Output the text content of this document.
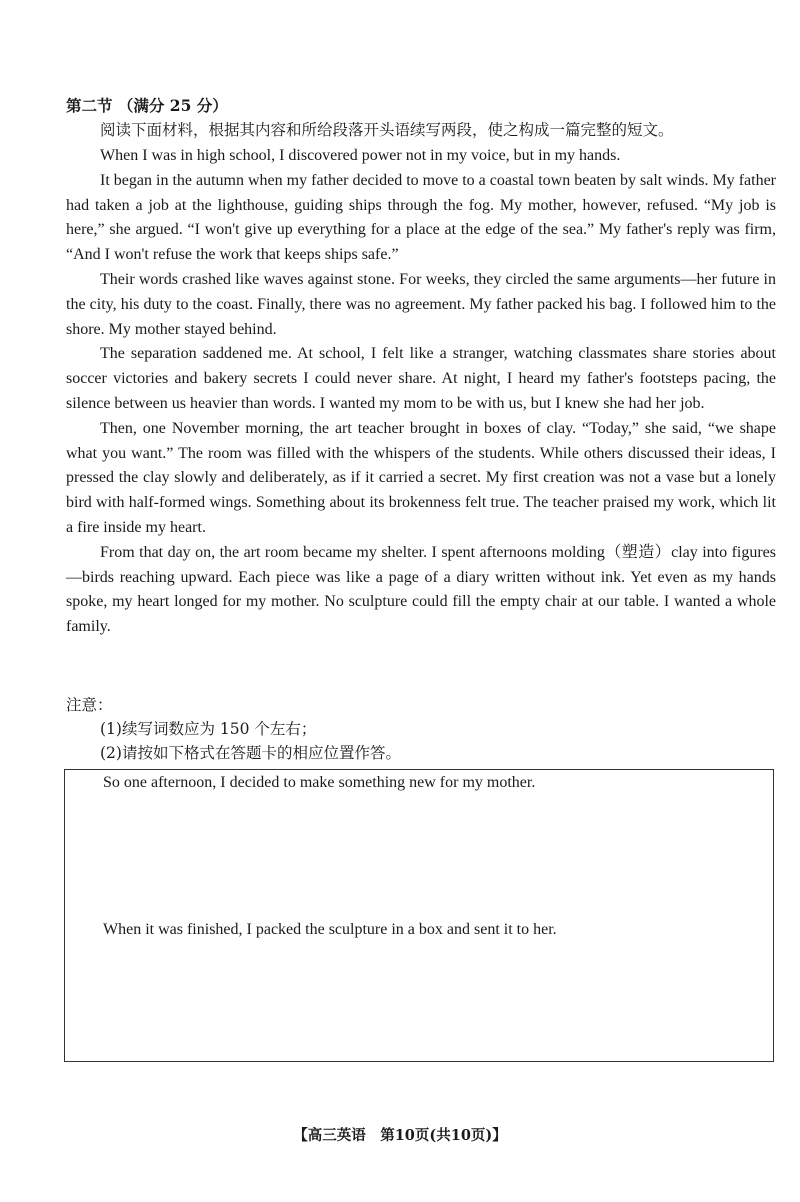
第二节 （满分 25 分）
阅读下面材料，根据其内容和所给段落开头语续写两段，使之构成一篇完整的短文。

When I was in high school, I discovered power not in my voice, but in my hands.

It began in the autumn when my father decided to move to a coastal town beaten by salt winds. My father had taken a job at the lighthouse, guiding ships through the fog. My mother, however, refused. “My job is here,” she argued. “I won't give up everything for a place at the edge of the sea.” My father's reply was firm, “And I won't refuse the work that keeps ships safe.”

Their words crashed like waves against stone. For weeks, they circled the same arguments—her future in the city, his duty to the coast. Finally, there was no agreement. My father packed his bag. I followed him to the shore. My mother stayed behind.

The separation saddened me. At school, I felt like a stranger, watching classmates share stories about soccer victories and bakery secrets I could never share. At night, I heard my father's footsteps pacing, the silence between us heavier than words. I wanted my mom to be with us, but I knew she had her job.

Then, one November morning, the art teacher brought in boxes of clay. “Today,” she said, “we shape what you want.” The room was filled with the whispers of the students. While others discussed their ideas, I pressed the clay slowly and deliberately, as if it carried a secret. My first creation was not a vase but a lonely bird with half-formed wings. Something about its brokenness felt true. The teacher praised my work, which lit a fire inside my heart.

From that day on, the art room became my shelter. I spent afternoons molding（塑造）clay into figures—birds reaching upward. Each piece was like a page of a diary written without ink. Yet even as my hands spoke, my heart longed for my mother. No sculpture could fill the empty chair at our table. I wanted a whole family.

注意：

(1)续写词数应为 150 个左右；

(2)请按如下格式在答题卡的相应位置作答。

So one afternoon, I decided to make something new for my mother.
When it was finished, I packed the sculpture in a box and sent it to her.
【高三英语　第10页(共10页)】
